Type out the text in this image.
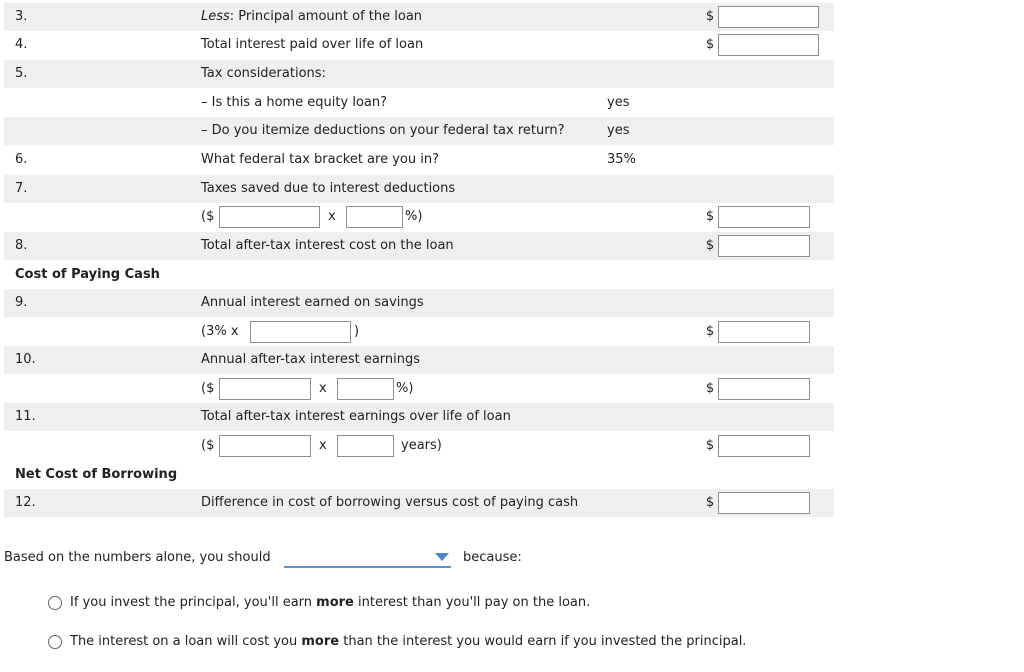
3.	Less: Principal amount of the loan	$
4.	Total interest paid over life of loan	$
5.	Tax considerations:
– Is this a home equity loan?	yes
– Do you itemize deductions on your federal tax return?	yes
6.	What federal tax bracket are you in?	35%
7.	Taxes saved due to interest deductions
($	x	%)	$
8.	Total after-tax interest cost on the loan	$
Cost of Paying Cash
9.	Annual interest earned on savings
(3% x	)	$
10.	Annual after-tax interest earnings
($	x	%)	$
11.	Total after-tax interest earnings over life of loan
($	x	years)	$
Net Cost of Borrowing
12.	Difference in cost of borrowing versus cost of paying cash	$
Based on the numbers alone, you should	because:
If you invest the principal, you'll earn more interest than you'll pay on the loan.
The interest on a loan will cost you more than the interest you would earn if you invested the principal.
